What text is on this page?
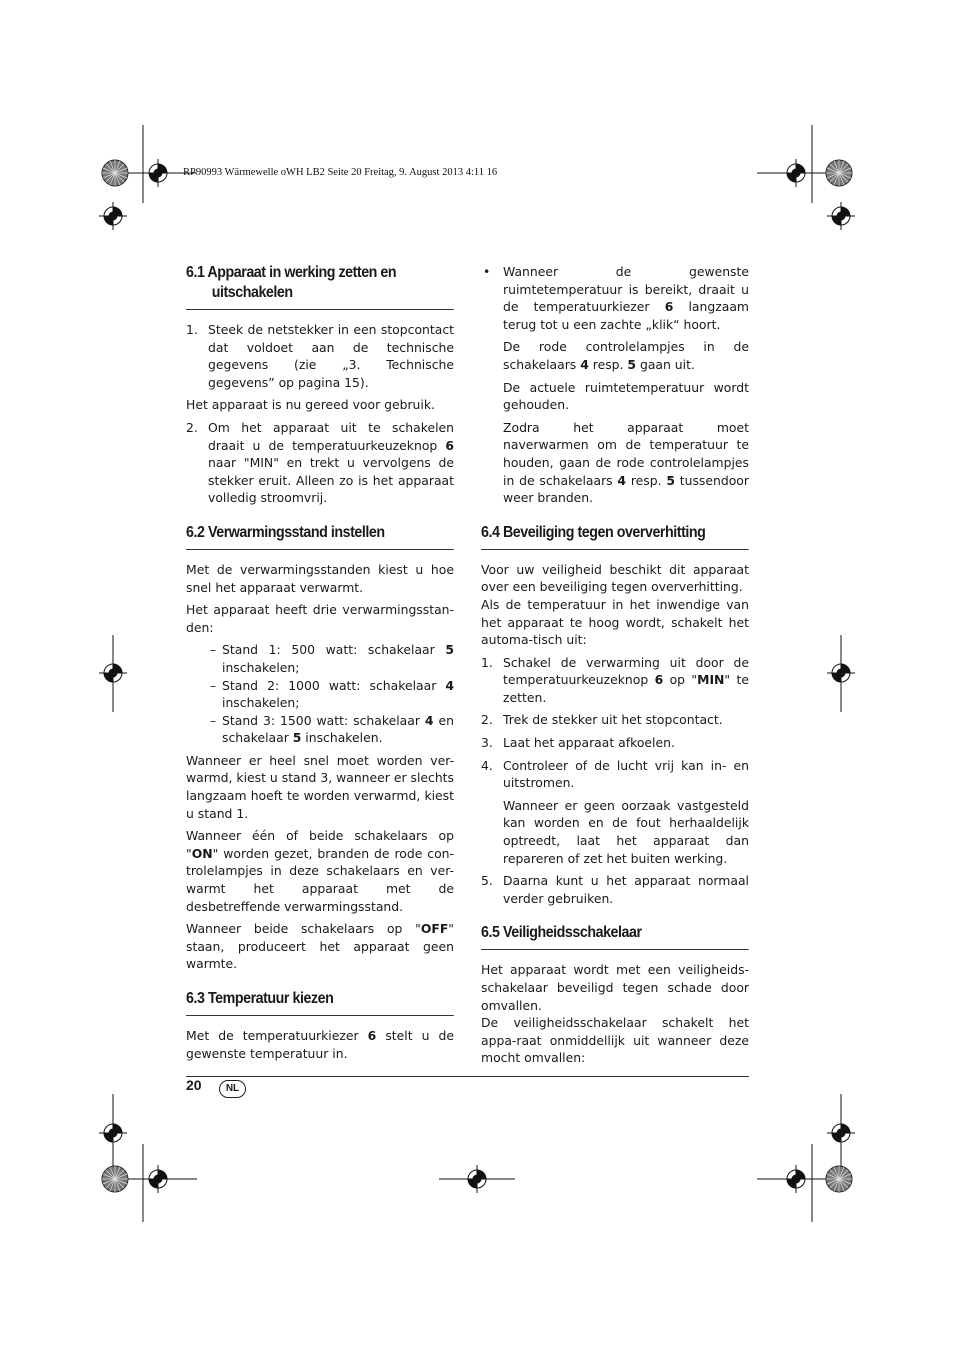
RP90993 Wärmewelle oWH LB2 Seite 20 Freitag, 9. August 2013 4:11 16
6.1 Apparaat in werking zetten en
uitschakelen
1. Steek de netstekker in een stopcontact dat voldoet aan de technische gegevens (zie „3. Technische gegevens” op pagina 15).

Het apparaat is nu gereed voor gebruik.

2. Om het apparaat uit te schakelen draait u de temperatuurkeuzeknop 6 naar "MIN" en trekt u vervolgens de stekker eruit. Alleen zo is het apparaat volledig stroomvrij.
6.2 Verwarmingsstand instellen

Met de verwarmingsstanden kiest u hoe snel het apparaat verwarmt.

Het apparaat heeft drie verwarmingsstan-den:

– Stand 1: 500 watt: schakelaar 5 inschakelen;
– Stand 2: 1000 watt: schakelaar 4 inschakelen;
– Stand 3: 1500 watt: schakelaar 4 en schakelaar 5 inschakelen.

Wanneer er heel snel moet worden ver-warmd, kiest u stand 3, wanneer er slechts langzaam hoeft te worden verwarmd, kiest u stand 1.

Wanneer één of beide schakelaars op "ON" worden gezet, branden de rode con-trolelampjes in deze schakelaars en ver-warmt het apparaat met de desbetreffende verwarmingsstand.

Wanneer beide schakelaars op "OFF" staan, produceert het apparaat geen warmte.

6.3 Temperatuur kiezen

Met de temperatuurkiezer 6 stelt u de gewenste temperatuur in.

• Wanneer de gewenste ruimtetemperatuur is bereikt, draait u de temperatuurkiezer 6 langzaam terug tot u een zachte „klik“ hoort.

De rode controlelampjes in de schakelaars 4 resp. 5 gaan uit.

De actuele ruimtetemperatuur wordt gehouden.

Zodra het apparaat moet naverwarmen om de temperatuur te houden, gaan de rode controlelampjes in de schakelaars 4 resp. 5 tussendoor weer branden.

6.4 Beveiliging tegen oververhitting

Voor uw veiligheid beschikt dit apparaat over een beveiliging tegen oververhitting.

Als de temperatuur in het inwendige van het apparaat te hoog wordt, schakelt het automa-tisch uit:

1. Schakel de verwarming uit door de temperatuurkeuzeknop 6 op "MIN" te zetten.
2. Trek de stekker uit het stopcontact.
3. Laat het apparaat afkoelen.
4. Controleer of de lucht vrij kan in- en uitstromen.

Wanneer er geen oorzaak vastgesteld kan worden en de fout herhaaldelijk optreedt, laat het apparaat dan repareren of zet het buiten werking.

5. Daarna kunt u het apparaat normaal verder gebruiken.
6.5 Veiligheidsschakelaar

Het apparaat wordt met een veiligheids-schakelaar beveiligd tegen schade door omvallen.

De veiligheidsschakelaar schakelt het appa-raat onmiddellijk uit wanneer deze mocht omvallen:

20	NL
